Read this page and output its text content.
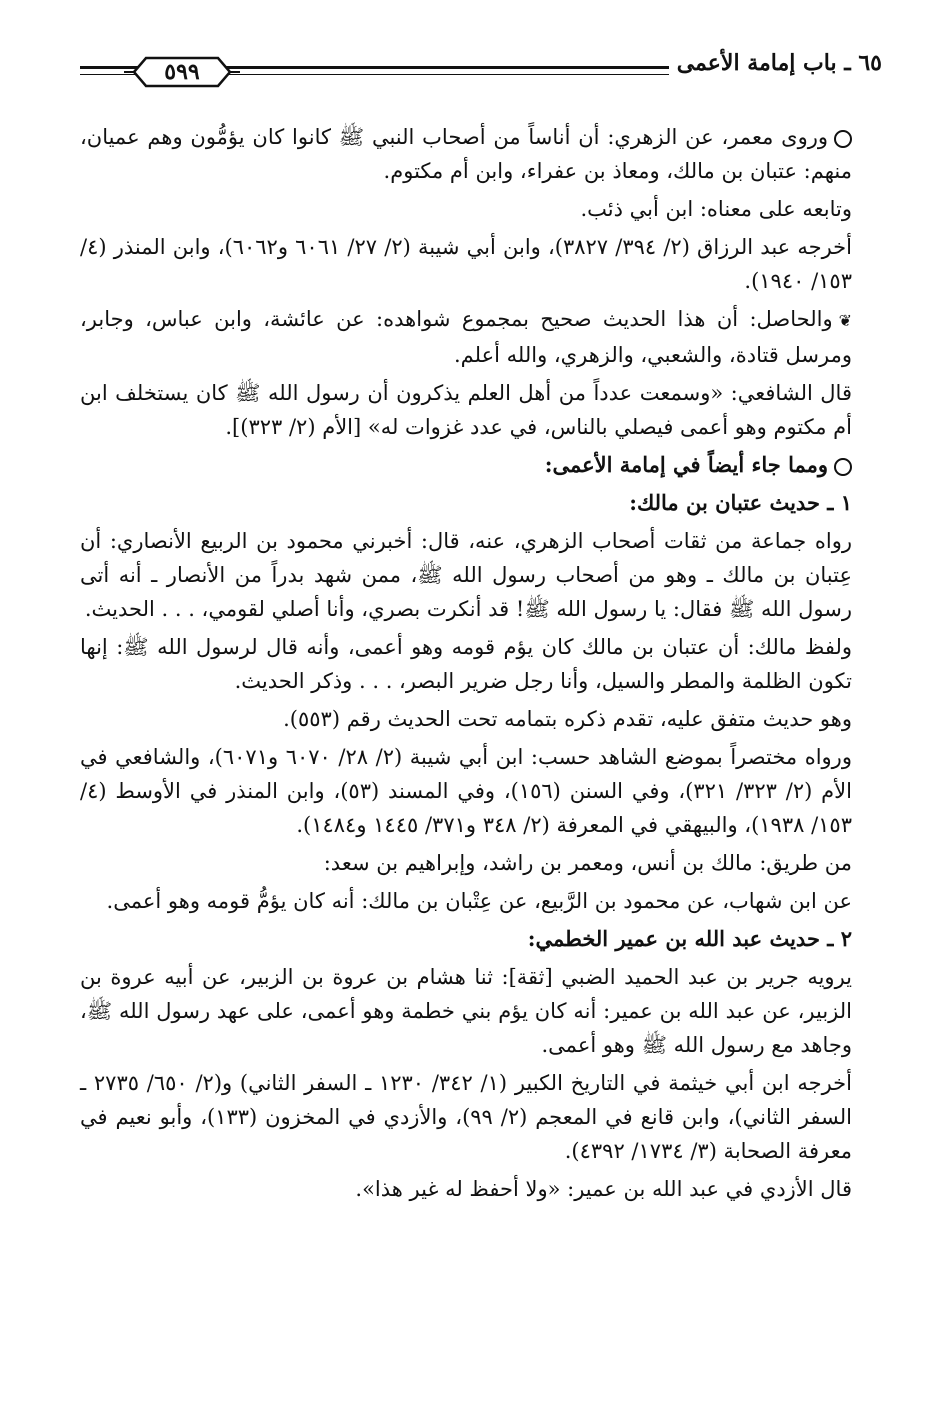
٦٥ ـ باب إمامة الأعمى
٥٩٩

وروى معمر، عن الزهري: أن أناساً من أصحاب النبي ﷺ كانوا كان يؤمُّون وهم عميان، منهم: عتبان بن مالك، ومعاذ بن عفراء، وابن أم مكتوم.

وتابعه على معناه: ابن أبي ذئب.

أخرجه عبد الرزاق (٢/ ٣٩٤/ ٣٨٢٧)، وابن أبي شيبة (٢/ ٢٧/ ٦٠٦١ و٦٠٦٢)، وابن المنذر (٤/ ١٥٣/ ١٩٤٠).

❦والحاصل: أن هذا الحديث صحيح بمجموع شواهده: عن عائشة، وابن عباس، وجابر، ومرسل قتادة، والشعبي، والزهري، والله أعلم.

قال الشافعي: «وسمعت عدداً من أهل العلم يذكرون أن رسول الله ﷺ كان يستخلف ابن أم مكتوم وهو أعمى فيصلي بالناس، في عدد غزوات له» [الأم (٢/ ٣٢٣)].

ومما جاء أيضاً في إمامة الأعمى:

١ ـ حديث عتبان بن مالك:

رواه جماعة من ثقات أصحاب الزهري، عنه، قال: أخبرني محمود بن الربيع الأنصاري: أن عِتبان بن مالك ـ وهو من أصحاب رسول الله ﷺ، ممن شهد بدراً من الأنصار ـ أنه أتى رسول الله ﷺ فقال: يا رسول الله ﷺ! قد أنكرت بصري، وأنا أصلي لقومي، . . . الحديث.

ولفظ مالك: أن عتبان بن مالك كان يؤم قومه وهو أعمى، وأنه قال لرسول الله ﷺ: إنها تكون الظلمة والمطر والسيل، وأنا رجل ضرير البصر، . . . وذكر الحديث.

وهو حديث متفق عليه، تقدم ذكره بتمامه تحت الحديث رقم (٥٥٣).

ورواه مختصراً بموضع الشاهد حسب: ابن أبي شيبة (٢/ ٢٨/ ٦٠٧٠ و٦٠٧١)، والشافعي في الأم (٢/ ٣٢٣/ ٣٢١)، وفي السنن (١٥٦)، وفي المسند (٥٣)، وابن المنذر في الأوسط (٤/ ١٥٣/ ١٩٣٨)، والبيهقي في المعرفة (٢/ ٣٤٨ و٣٧١/ ١٤٤٥ و١٤٨٤).

من طريق: مالك بن أنس، ومعمر بن راشد، وإبراهيم بن سعد:

عن ابن شهاب، عن محمود بن الرَّبيع، عن عِتْبان بن مالك: أنه كان يؤمُّ قومه وهو أعمى.

٢ ـ حديث عبد الله بن عمير الخطمي:

يرويه جرير بن عبد الحميد الضبي [ثقة]: ثنا هشام بن عروة بن الزبير، عن أبيه عروة بن الزبير، عن عبد الله بن عمير: أنه كان يؤم بني خطمة وهو أعمى، على عهد رسول الله ﷺ، وجاهد مع رسول الله ﷺ وهو أعمى.

أخرجه ابن أبي خيثمة في التاريخ الكبير (١/ ٣٤٢/ ١٢٣٠ ـ السفر الثاني) و(٢/ ٦٥٠/ ٢٧٣٥ ـ السفر الثاني)، وابن قانع في المعجم (٢/ ٩٩)، والأزدي في المخزون (١٣٣)، وأبو نعيم في معرفة الصحابة (٣/ ١٧٣٤/ ٤٣٩٢).

قال الأزدي في عبد الله بن عمير: «ولا أحفظ له غير هذا».
